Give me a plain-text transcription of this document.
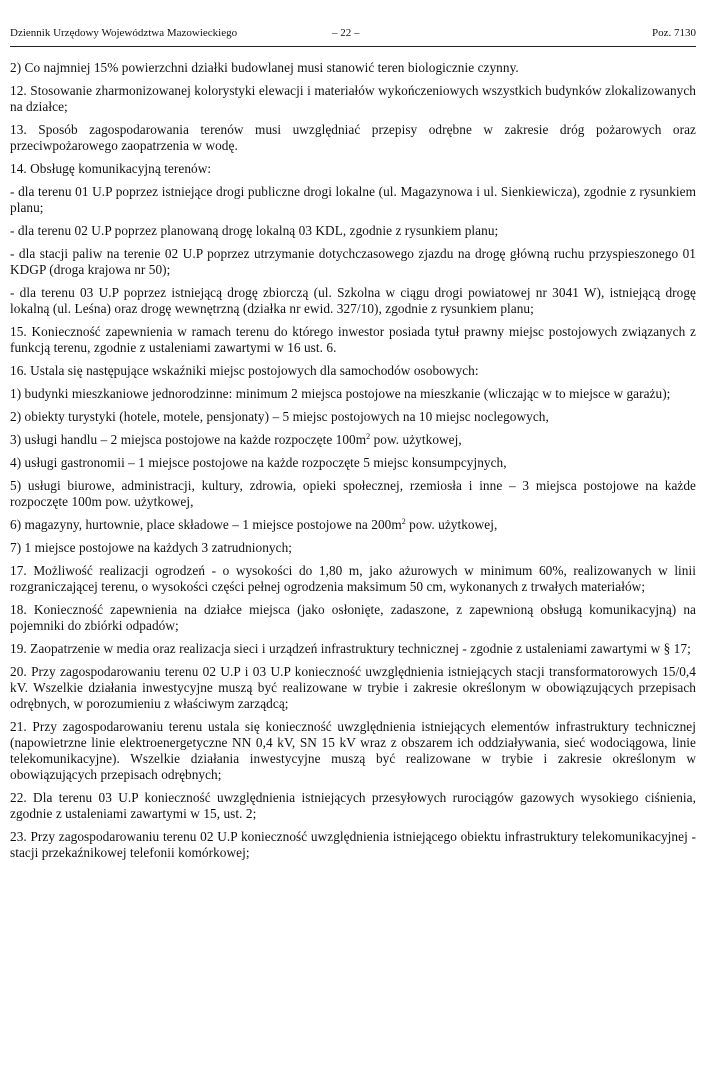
Dziennik Urzędowy Województwa Mazowieckiego	– 22 –	Poz. 7130

2) Co najmniej 15% powierzchni działki budowlanej musi stanowić teren biologicznie czynny.

12. Stosowanie zharmonizowanej kolorystyki elewacji i materiałów wykończeniowych wszystkich budynków zlokalizowanych na działce;

13. Sposób zagospodarowania terenów musi uwzględniać przepisy odrębne w zakresie dróg pożarowych oraz przeciwpożarowego zaopatrzenia w wodę.

14. Obsługę komunikacyjną terenów:

- dla terenu 01 U.P poprzez istniejące drogi publiczne drogi lokalne (ul. Magazynowa i ul. Sienkiewicza), zgodnie z rysunkiem planu;

- dla terenu 02 U.P poprzez planowaną drogę lokalną 03 KDL, zgodnie z rysunkiem planu;

- dla stacji paliw na terenie 02 U.P poprzez utrzymanie dotychczasowego zjazdu na drogę główną ruchu przyspieszonego 01 KDGP (droga krajowa nr 50);

- dla terenu 03 U.P poprzez istniejącą drogę zbiorczą (ul. Szkolna w ciągu drogi powiatowej nr 3041 W), istniejącą drogę lokalną (ul. Leśna) oraz drogę wewnętrzną (działka nr ewid. 327/10), zgodnie z rysunkiem planu;

15. Konieczność zapewnienia w ramach terenu do którego inwestor posiada tytuł prawny miejsc postojowych związanych z funkcją terenu, zgodnie z ustaleniami zawartymi w 16 ust. 6.

16. Ustala się następujące wskaźniki miejsc postojowych dla samochodów osobowych:

1) budynki mieszkaniowe jednorodzinne: minimum 2 miejsca postojowe na mieszkanie (wliczając w to miejsce w garażu);

2) obiekty turystyki (hotele, motele, pensjonaty) – 5 miejsc postojowych na 10 miejsc noclegowych,

3) usługi handlu – 2 miejsca postojowe na każde rozpoczęte $100m^2$ pow. użytkowej,

4) usługi gastronomii – 1 miejsce postojowe na każde rozpoczęte 5 miejsc konsumpcyjnych,

5) usługi biurowe, administracji, kultury, zdrowia, opieki społecznej, rzemiosła i inne – 3 miejsca postojowe na każde rozpoczęte 100m pow. użytkowej,

6) magazyny, hurtownie, place składowe – 1 miejsce postojowe na $200m^2$ pow. użytkowej,

7) 1 miejsce postojowe na każdych 3 zatrudnionych;

17. Możliwość realizacji ogrodzeń - o wysokości do 1,80 m, jako ażurowych w minimum 60%, realizowanych w linii rozgraniczającej terenu, o wysokości części pełnej ogrodzenia maksimum 50 cm, wykonanych z trwałych materiałów;

18. Konieczność zapewnienia na działce miejsca (jako osłonięte, zadaszone, z zapewnioną obsługą komunikacyjną) na pojemniki do zbiórki odpadów;

19. Zaopatrzenie w media oraz realizacja sieci i urządzeń infrastruktury technicznej - zgodnie z ustaleniami zawartymi w § 17;

20. Przy zagospodarowaniu terenu 02 U.P i 03 U.P konieczność uwzględnienia istniejących stacji transformatorowych 15/0,4 kV. Wszelkie działania inwestycyjne muszą być realizowane w trybie i zakresie określonym w obowiązujących przepisach odrębnych, w porozumieniu z właściwym zarządcą;

21. Przy zagospodarowaniu terenu ustala się konieczność uwzględnienia istniejących elementów infrastruktury technicznej (napowietrzne linie elektroenergetyczne NN 0,4 kV, SN 15 kV wraz z obszarem ich oddziaływania, sieć wodociągowa, linie telekomunikacyjne). Wszelkie działania inwestycyjne muszą być realizowane w trybie i zakresie określonym w obowiązujących przepisach odrębnych;

22. Dla terenu 03 U.P konieczność uwzględnienia istniejących przesyłowych rurociągów gazowych wysokiego ciśnienia, zgodnie z ustaleniami zawartymi w 15, ust. 2;

23. Przy zagospodarowaniu terenu 02 U.P konieczność uwzględnienia istniejącego obiektu infrastruktury telekomunikacyjnej - stacji przekaźnikowej telefonii komórkowej;
